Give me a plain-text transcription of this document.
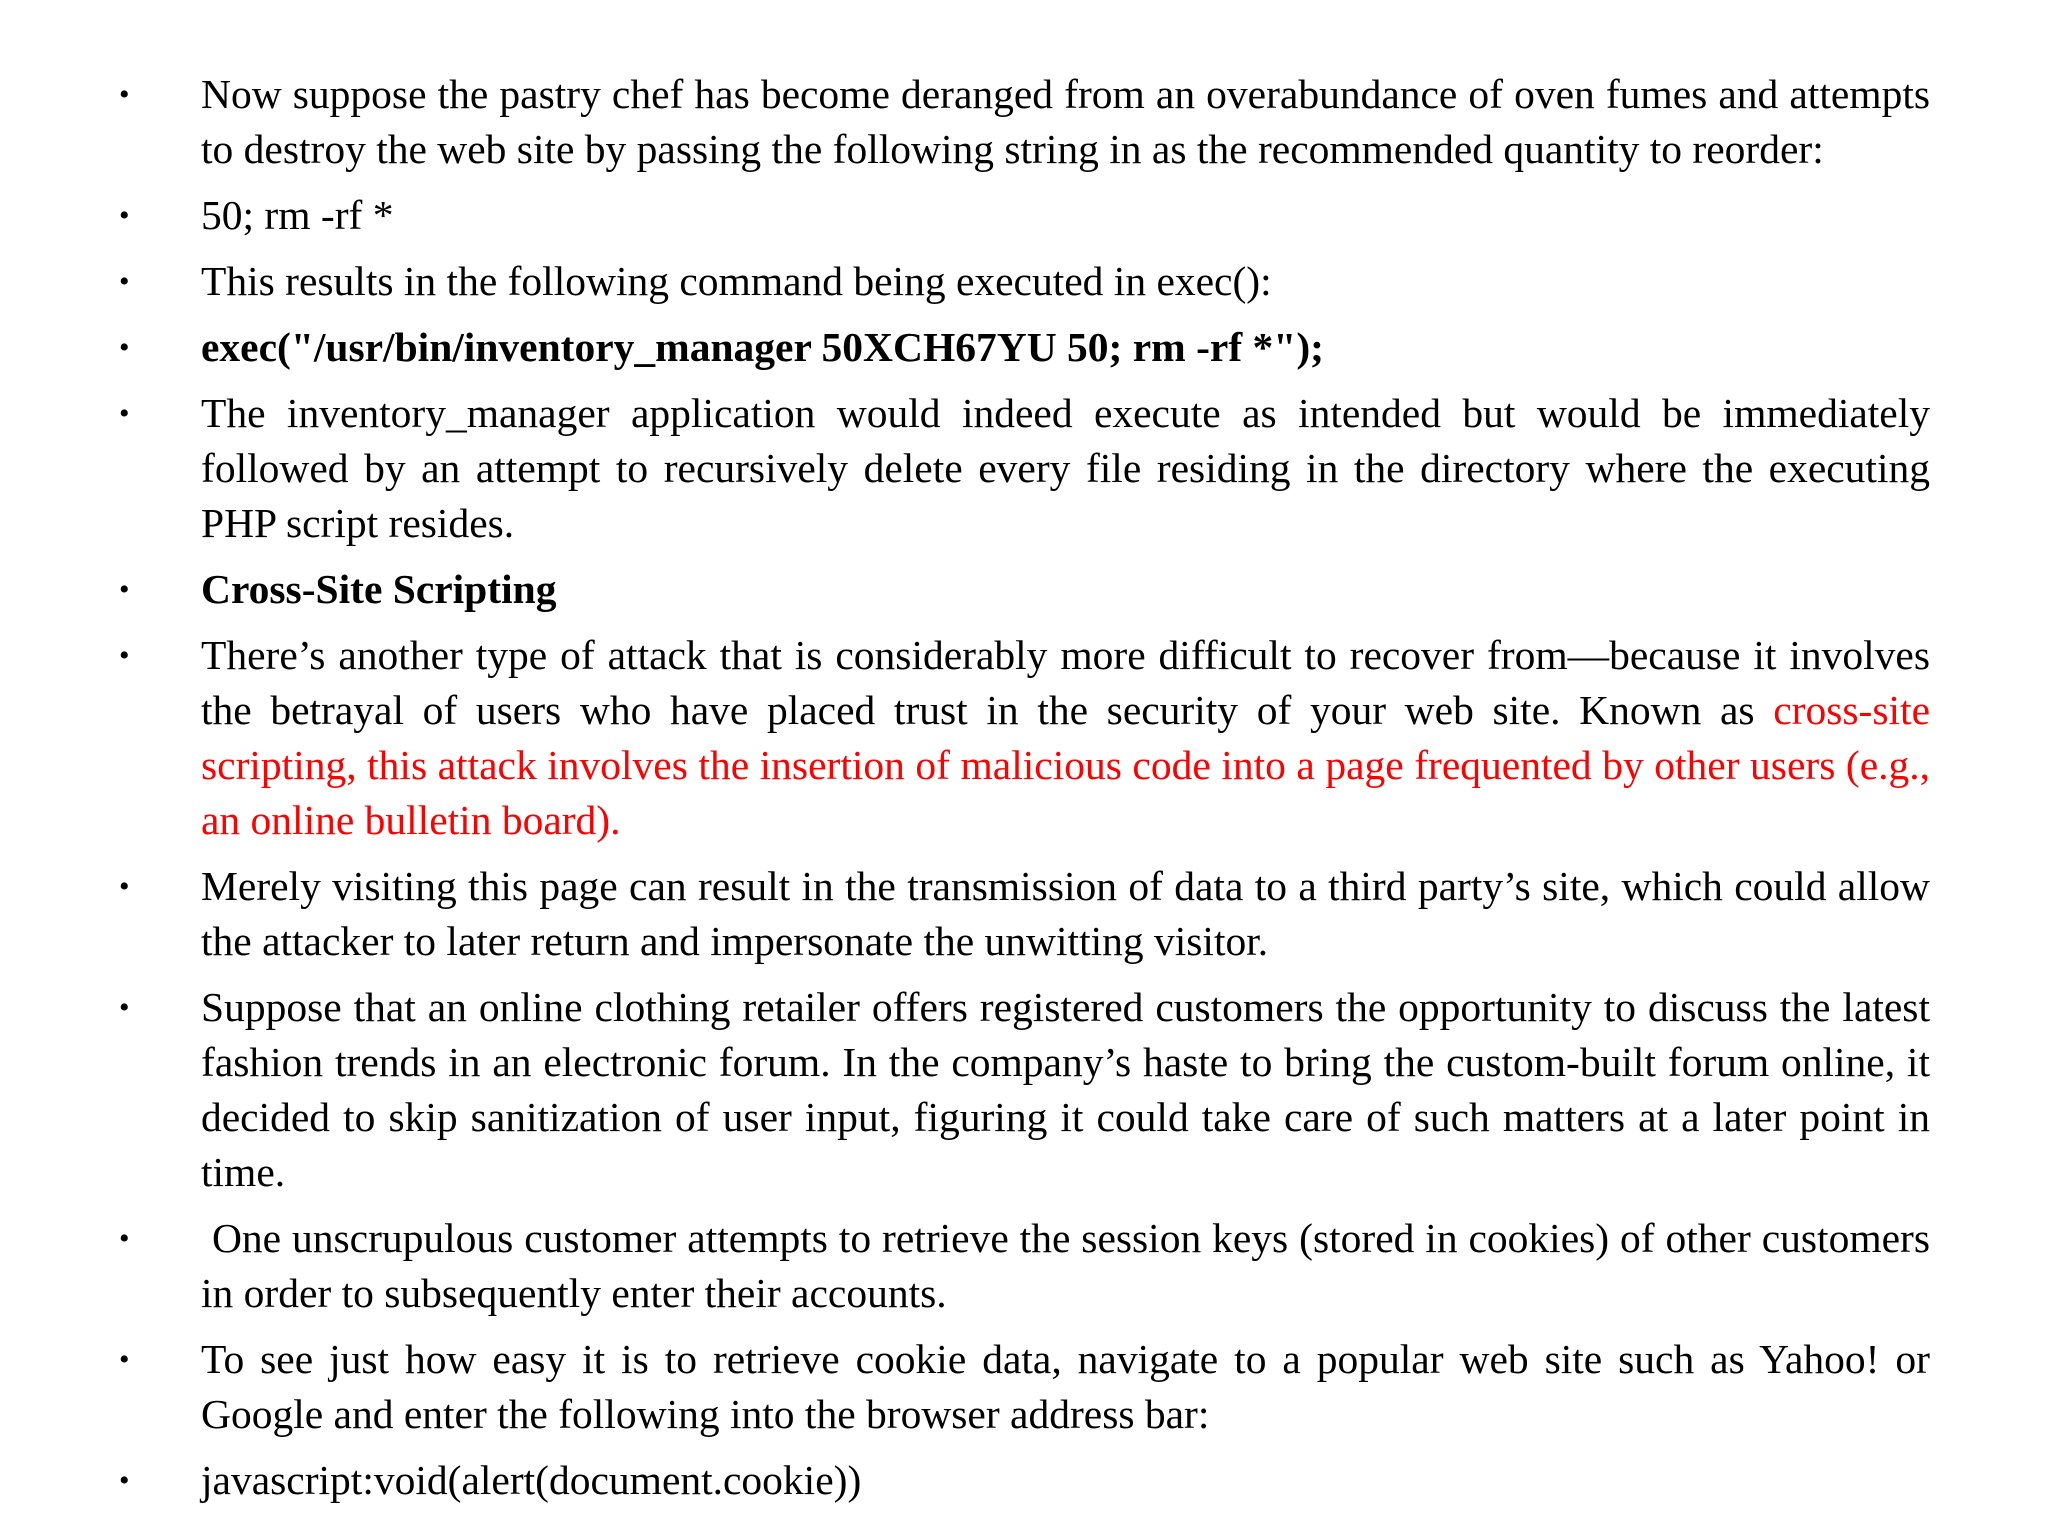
• Now suppose the pastry chef has become deranged from an overabundance of oven fumes and attempts to destroy the web site by passing the following string in as the recommended quantity to reorder:
• 50; rm -rf *
• This results in the following command being executed in exec():
• exec("/usr/bin/inventory_manager 50XCH67YU 50; rm -rf *");
• The inventory_manager application would indeed execute as intended but would be immediately followed by an attempt to recursively delete every file residing in the directory where the executing PHP script resides.
• Cross-Site Scripting
• There’s another type of attack that is considerably more difficult to recover from—because it involves the betrayal of users who have placed trust in the security of your web site. Known as cross-site scripting, this attack involves the insertion of malicious code into a page frequented by other users (e.g., an online bulletin board).
• Merely visiting this page can result in the transmission of data to a third party’s site, which could allow the attacker to later return and impersonate the unwitting visitor.
• Suppose that an online clothing retailer offers registered customers the opportunity to discuss the latest fashion trends in an electronic forum. In the company’s haste to bring the custom-built forum online, it decided to skip sanitization of user input, figuring it could take care of such matters at a later point in time.
• One unscrupulous customer attempts to retrieve the session keys (stored in cookies) of other customers in order to subsequently enter their accounts.
• To see just how easy it is to retrieve cookie data, navigate to a popular web site such as Yahoo! or Google and enter the following into the browser address bar:
• javascript:void(alert(document.cookie))
